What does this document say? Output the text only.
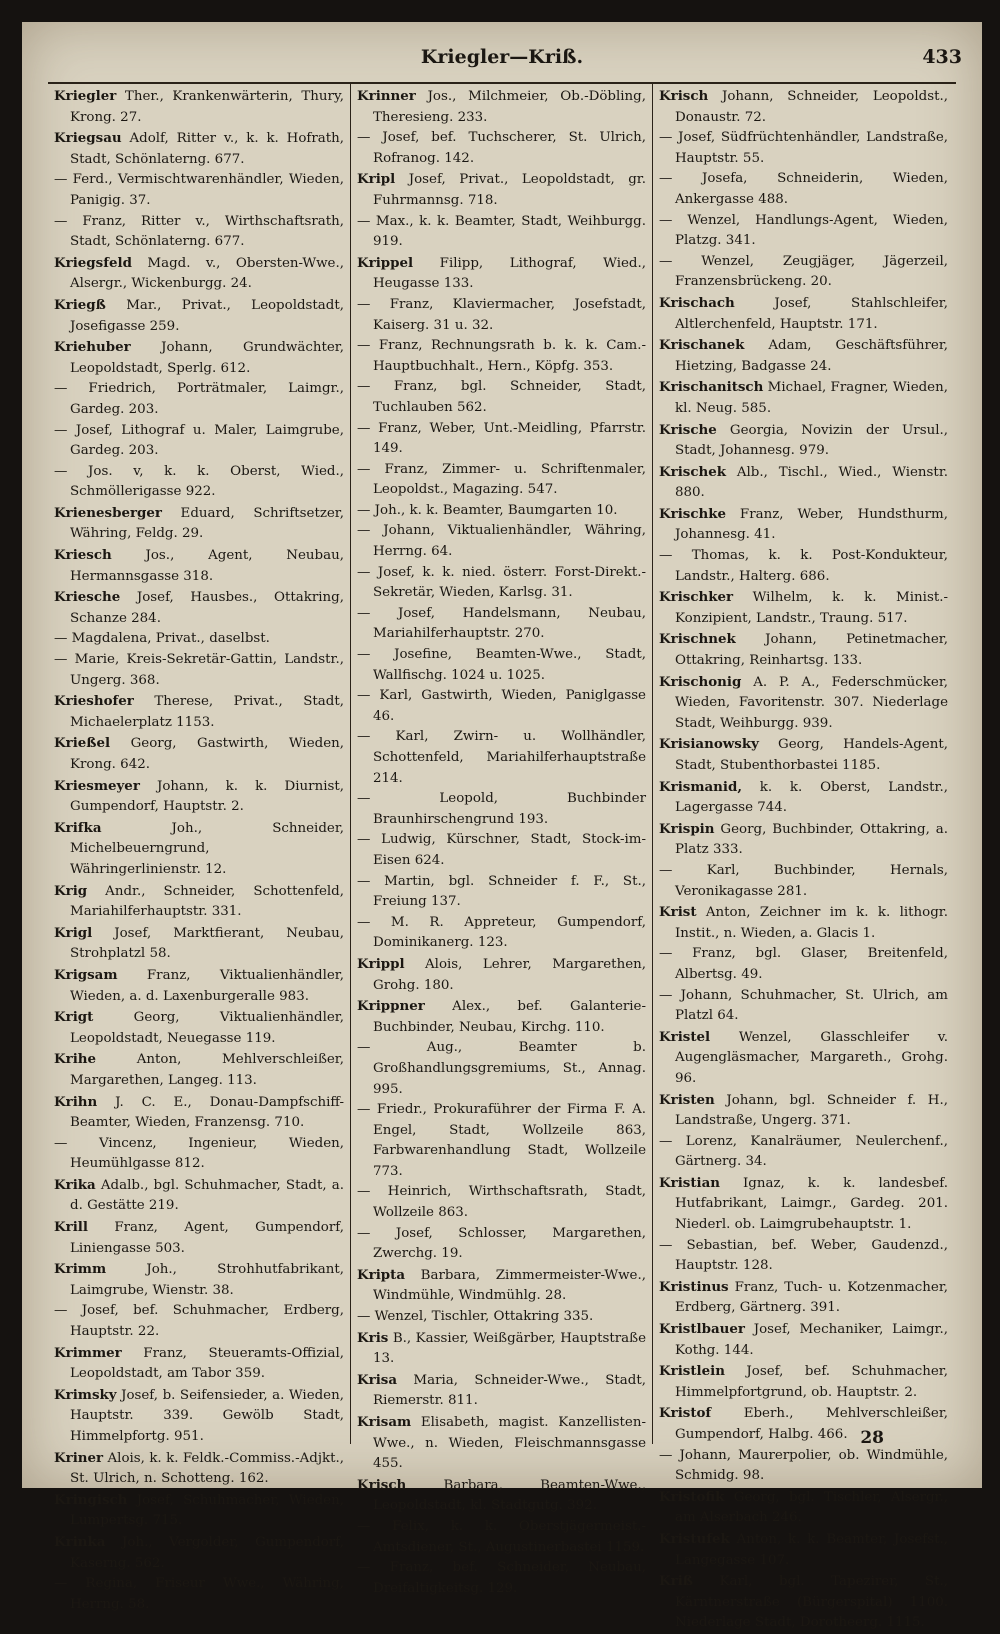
Kriegler—Kriß.	433

Kriegler Ther., Krankenwärterin, Thury, Krong. 27.

Kriegsau Adolf, Ritter v., k. k. Hofrath, Stadt, Schönlaterng. 677.

— Ferd., Vermischtwarenhändler, Wieden, Panigig. 37.

— Franz, Ritter v., Wirthschaftsrath, Stadt, Schönlaterng. 677.

Kriegsfeld Magd. v., Obersten-Wwe., Alsergr., Wickenburgg. 24.

Kriegß Mar., Privat., Leopoldstadt, Josefigasse 259.

Kriehuber Johann, Grundwächter, Leopoldstadt, Sperlg. 612.

— Friedrich, Porträtmaler, Laimgr., Gardeg. 203.

— Josef, Lithograf u. Maler, Laimgrube, Gardeg. 203.

— Jos. v, k. k. Oberst, Wied., Schmöllerigasse 922.

Krienesberger Eduard, Schriftsetzer, Währing, Feldg. 29.

Kriesch Jos., Agent, Neubau, Hermannsgasse 318.

Kriesche Josef, Hausbes., Ottakring, Schanze 284.

— Magdalena, Privat., daselbst.

— Marie, Kreis-Sekretär-Gattin, Landstr., Ungerg. 368.

Krieshofer Therese, Privat., Stadt, Michaelerplatz 1153.

Krießel Georg, Gastwirth, Wieden, Krong. 642.

Kriesmeyer Johann, k. k. Diurnist, Gumpendorf, Hauptstr. 2.

Krifka Joh., Schneider, Michelbeuerngrund, Währingerlinienstr. 12.

Krig Andr., Schneider, Schottenfeld, Mariahilferhauptstr. 331.

Krigl Josef, Marktfierant, Neubau, Strohplatzl 58.

Krigsam Franz, Viktualienhändler, Wieden, a. d. Laxenburgeralle 983.

Krigt Georg, Viktualienhändler, Leopoldstadt, Neuegasse 119.

Krihe Anton, Mehlverschleißer, Margarethen, Langeg. 113.

Krihn J. C. E., Donau-Dampfschiff-Beamter, Wieden, Franzensg. 710.

— Vincenz, Ingenieur, Wieden, Heumühlgasse 812.

Krika Adalb., bgl. Schuhmacher, Stadt, a. d. Gestätte 219.

Krill Franz, Agent, Gumpendorf, Liniengasse 503.

Krimm Joh., Strohhutfabrikant, Laimgrube, Wienstr. 38.

— Josef, bef. Schuhmacher, Erdberg, Hauptstr. 22.

Krimmer Franz, Steueramts-Offizial, Leopoldstadt, am Tabor 359.

Krimsky Josef, b. Seifensieder, a. Wieden, Hauptstr. 339. Gewölb Stadt, Himmelpfortg. 951.

Kriner Alois, k. k. Feldk.-Commiss.-Adjkt., St. Ulrich, n. Schotteng. 162.

Kringisch Josef, Schuhmacher, Wieden, Lumpertsg. 715.

Krinka Joh., Vergolder, Gumpendorf, Kaserng. 562.

— Regina, Friseur Wwe., Währing, Herrng. 58.

Krinner Jos., Milchmeier, Ob.-Döbling, Theresieng. 233.

— Josef, bef. Tuchscherer, St. Ulrich, Rofranog. 142.

Kripl Josef, Privat., Leopoldstadt, gr. Fuhrmannsg. 718.

— Max., k. k. Beamter, Stadt, Weihburgg. 919.

Krippel Filipp, Lithograf, Wied., Heugasse 133.

— Franz, Klaviermacher, Josefstadt, Kaiserg. 31 u. 32.

— Franz, Rechnungsrath b. k. k. Cam.-Hauptbuchhalt., Hern., Köpfg. 353.

— Franz, bgl. Schneider, Stadt, Tuchlauben 562.

— Franz, Weber, Unt.-Meidling, Pfarrstr. 149.

— Franz, Zimmer- u. Schriftenmaler, Leopoldst., Magazing. 547.

— Joh., k. k. Beamter, Baumgarten 10.

— Johann, Viktualienhändler, Währing, Herrng. 64.

— Josef, k. k. nied. österr. Forst-Direkt.-Sekretär, Wieden, Karlsg. 31.

— Josef, Handelsmann, Neubau, Mariahilferhauptstr. 270.

— Josefine, Beamten-Wwe., Stadt, Wallfischg. 1024 u. 1025.

— Karl, Gastwirth, Wieden, Paniglgasse 46.

— Karl, Zwirn- u. Wollhändler, Schottenfeld, Mariahilferhauptstraße 214.

— Leopold, Buchbinder Braunhirschengrund 193.

— Ludwig, Kürschner, Stadt, Stock-im-Eisen 624.

— Martin, bgl. Schneider f. F., St., Freiung 137.

— M. R. Appreteur, Gumpendorf, Dominikanerg. 123.

Krippl Alois, Lehrer, Margarethen, Grohg. 180.

Krippner Alex., bef. Galanterie-Buchbinder, Neubau, Kirchg. 110.

— Aug., Beamter b. Großhandlungsgremiums, St., Annag. 995.

— Friedr., Prokuraführer der Firma F. A. Engel, Stadt, Wollzeile 863, Farbwarenhandlung Stadt, Wollzeile 773.

— Heinrich, Wirthschaftsrath, Stadt, Wollzeile 863.

— Josef, Schlosser, Margarethen, Zwerchg. 19.

Kripta Barbara, Zimmermeister-Wwe., Windmühle, Windmühlg. 28.

— Wenzel, Tischler, Ottakring 335.

Kris B., Kassier, Weißgärber, Hauptstraße 13.

Krisa Maria, Schneider-Wwe., Stadt, Riemerstr. 811.

Krisam Elisabeth, magist. Kanzellisten-Wwe., n. Wieden, Fleischmannsgasse 455.

Krisch Barbara, Beamten-Wwe., Leopoldstadt, kl. Stadtgutg. 392.

— Felix, k. k. Oberstjägermeist.-Amtsdiener, St., Augustinerbastei 1159.

— Franz, bef. Schneider, Neubau, Dreifaltigkeitsg. 129.

Krisch Johann, Schneider, Leopoldst., Donaustr. 72.

— Josef, Südfrüchtenhändler, Landstraße, Hauptstr. 55.

— Josefa, Schneiderin, Wieden, Ankergasse 488.

— Wenzel, Handlungs-Agent, Wieden, Platzg. 341.

— Wenzel, Zeugjäger, Jägerzeil, Franzensbrückeng. 20.

Krischach Josef, Stahlschleifer, Altlerchenfeld, Hauptstr. 171.

Krischanek Adam, Geschäftsführer, Hietzing, Badgasse 24.

Krischanitsch Michael, Fragner, Wieden, kl. Neug. 585.

Krische Georgia, Novizin der Ursul., Stadt, Johannesg. 979.

Krischek Alb., Tischl., Wied., Wienstr. 880.

Krischke Franz, Weber, Hundsthurm, Johannesg. 41.

— Thomas, k. k. Post-Kondukteur, Landstr., Halterg. 686.

Krischker Wilhelm, k. k. Minist.-Konzipient, Landstr., Traung. 517.

Krischnek Johann, Petinetmacher, Ottakring, Reinhartsg. 133.

Krischonig A. P. A., Federschmücker, Wieden, Favoritenstr. 307. Niederlage Stadt, Weihburgg. 939.

Krisianowsky Georg, Handels-Agent, Stadt, Stubenthorbastei 1185.

Krismanid, k. k. Oberst, Landstr., Lagergasse 744.

Krispin Georg, Buchbinder, Ottakring, a. Platz 333.

— Karl, Buchbinder, Hernals, Veronikagasse 281.

Krist Anton, Zeichner im k. k. lithogr. Instit., n. Wieden, a. Glacis 1.

— Franz, bgl. Glaser, Breitenfeld, Albertsg. 49.

— Johann, Schuhmacher, St. Ulrich, am Platzl 64.

Kristel Wenzel, Glasschleifer v. Augengläsmacher, Margareth., Grohg. 96.

Kristen Johann, bgl. Schneider f. H., Landstraße, Ungerg. 371.

— Lorenz, Kanalräumer, Neulerchenf., Gärtnerg. 34.

Kristian Ignaz, k. k. landesbef. Hutfabrikant, Laimgr., Gardeg. 201. Niederl. ob. Laimgrubehauptstr. 1.

— Sebastian, bef. Weber, Gaudenzd., Hauptstr. 128.

Kristinus Franz, Tuch- u. Kotzenmacher, Erdberg, Gärtnerg. 391.

Kristlbauer Josef, Mechaniker, Laimgr., Kothg. 144.

Kristlein Josef, bef. Schuhmacher, Himmelpfortgrund, ob. Hauptstr. 2.

Kristof Eberh., Mehlverschleißer, Gumpendorf, Halbg. 466.

— Johann, Maurerpolier, ob. Windmühle, Schmidg. 98.

Kristofik Georg, bgl. Tischler, Alsergr., am Alserbach 246.

Kristufek Anton, k. k. Beamter, Josefst., Langegasse 107.

Kriß Karl, bgl. Tapezirer, St., Kärntnerstraße (Bürgerspital) 1100. Niederlage Stadt, Dorotheerg. 1115.

28
